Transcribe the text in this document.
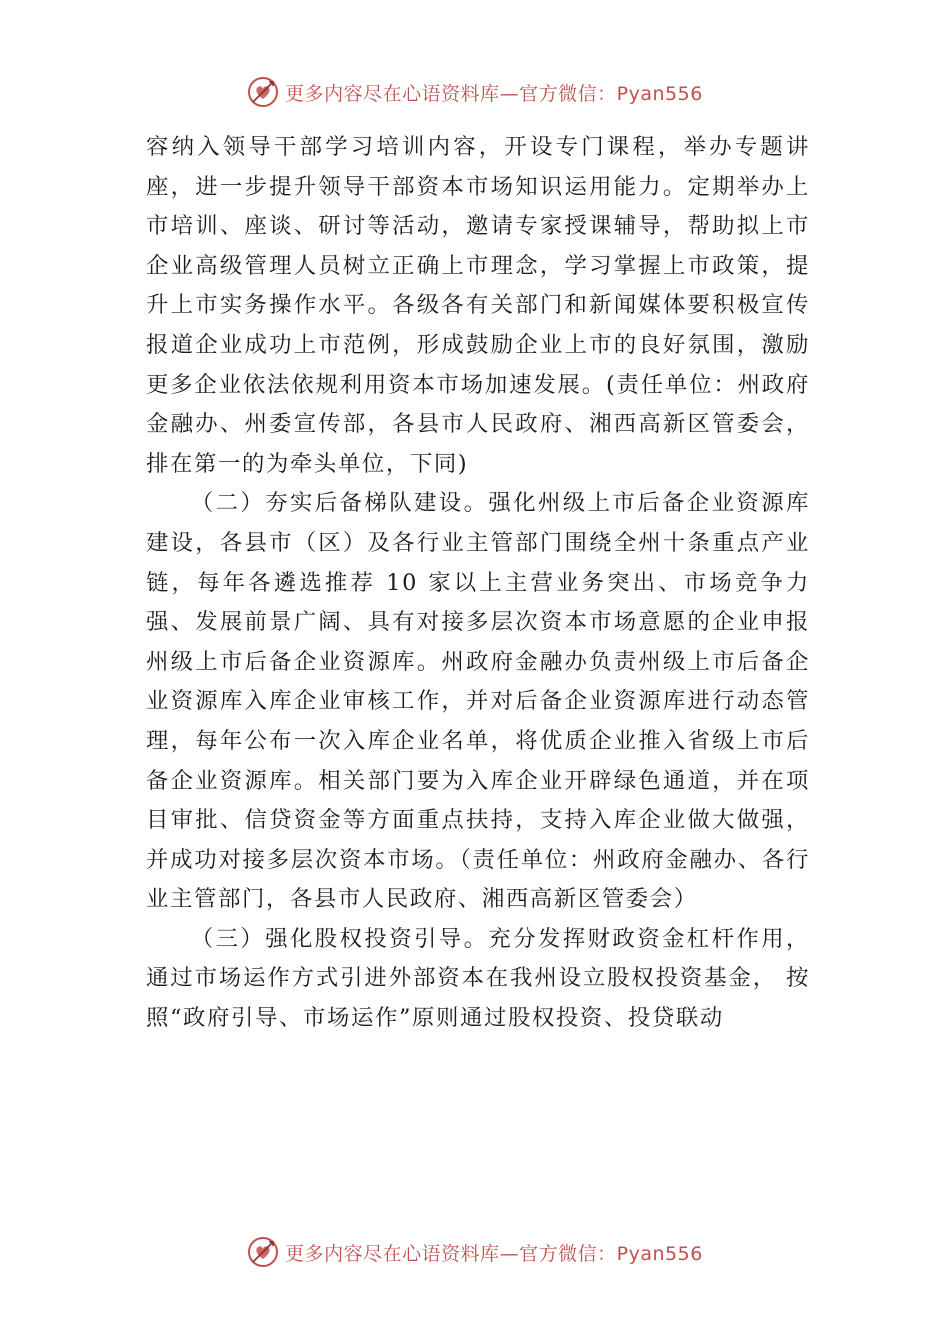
更多内容尽在心语资料库—官方微信：Pyan556

容纳入领导干部学习培训内容，开设专门课程，举办专题讲座，进一步提升领导干部资本市场知识运用能力。定期举办上市培训、座谈、研讨等活动，邀请专家授课辅导，帮助拟上市企业高级管理人员树立正确上市理念，学习掌握上市政策，提升上市实务操作水平。各级各有关部门和新闻媒体要积极宣传报道企业成功上市范例，形成鼓励企业上市的良好氛围，激励更多企业依法依规利用资本市场加速发展。(责任单位：州政府金融办、州委宣传部，各县市人民政府、湘西高新区管委会，排在第一的为牵头单位，下同)

（二）夯实后备梯队建设。强化州级上市后备企业资源库建设，各县市（区）及各行业主管部门围绕全州十条重点产业链，每年各遴选推荐 10 家以上主营业务突出、市场竞争力强、发展前景广阔、具有对接多层次资本市场意愿的企业申报州级上市后备企业资源库。州政府金融办负责州级上市后备企业资源库入库企业审核工作，并对后备企业资源库进行动态管理，每年公布一次入库企业名单，将优质企业推入省级上市后备企业资源库。相关部门要为入库企业开辟绿色通道，并在项目审批、信贷资金等方面重点扶持，支持入库企业做大做强，并成功对接多层次资本市场。（责任单位：州政府金融办、各行业主管部门，各县市人民政府、湘西高新区管委会）

（三）强化股权投资引导。充分发挥财政资金杠杆作用，通过市场运作方式引进外部资本在我州设立股权投资基金， 按照“政府引导、市场运作”原则通过股权投资、投贷联动

更多内容尽在心语资料库—官方微信：Pyan556
